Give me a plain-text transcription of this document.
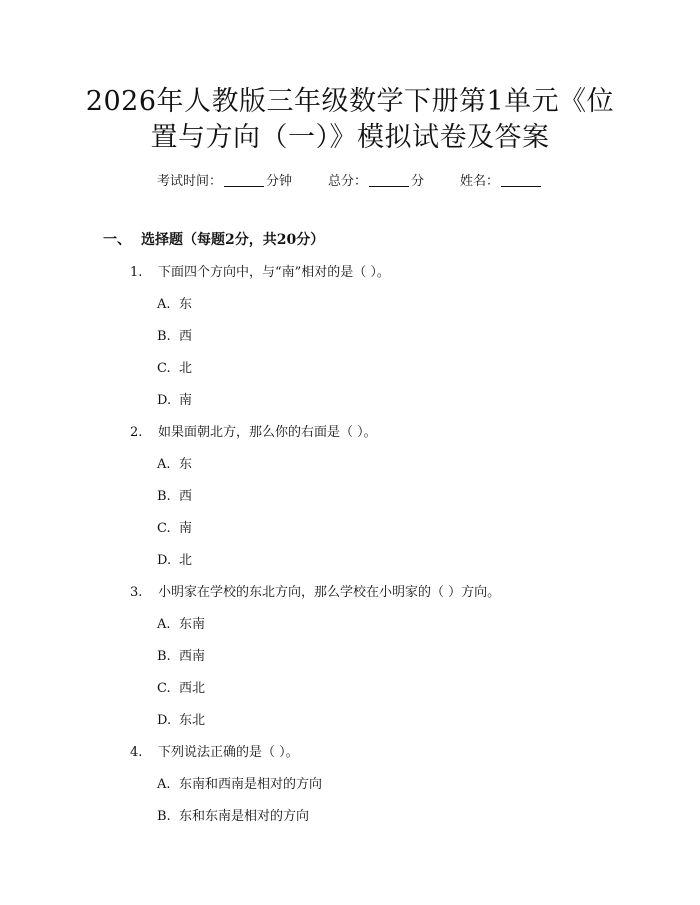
2026年人教版三年级数学下册第1单元《位
置与方向（一）》模拟试卷及答案
考试时间：	分钟	总分：	分	姓名：
一、 选择题（每题2分，共20分）
1. 下面四个方向中，与“南”相对的是（ ）。
A. 东
B. 西
C. 北
D. 南
2. 如果面朝北方，那么你的右面是（ ）。
A. 东
B. 西
C. 南
D. 北
3. 小明家在学校的东北方向，那么学校在小明家的（ ）方向。
A. 东南
B. 西南
C. 西北
D. 东北
4. 下列说法正确的是（ ）。
A. 东南和西南是相对的方向
B. 东和东南是相对的方向
